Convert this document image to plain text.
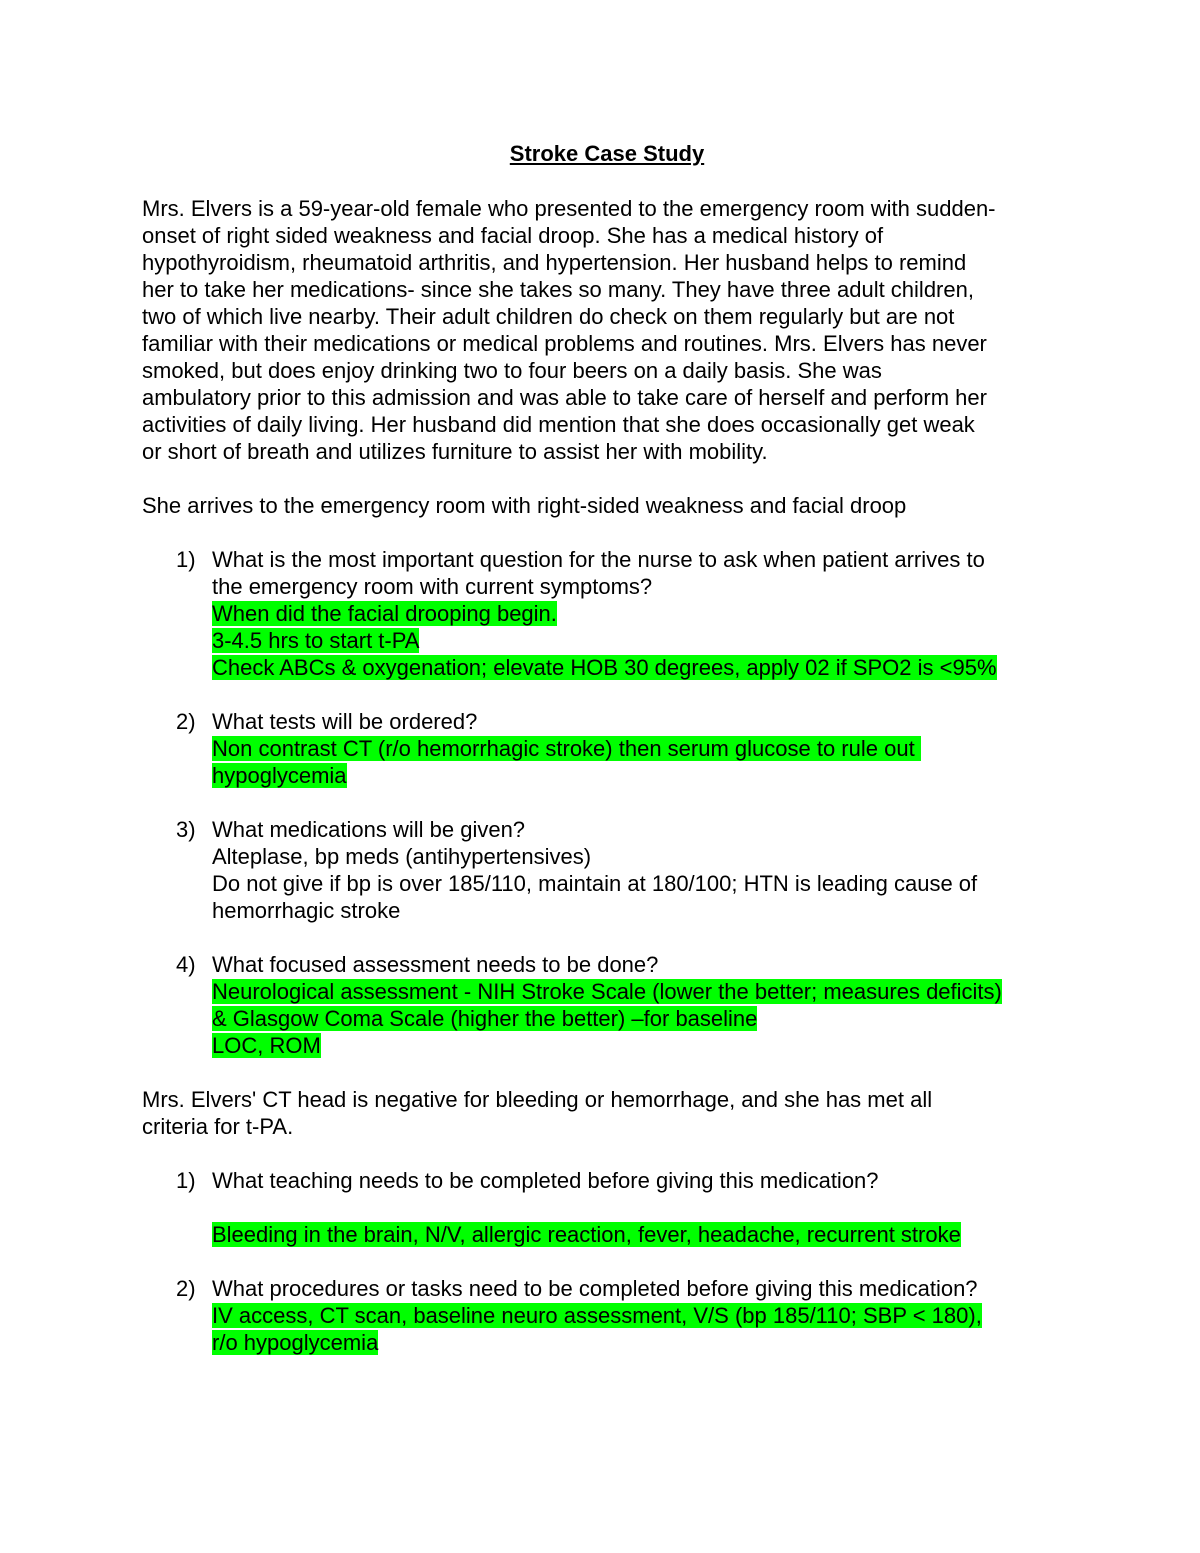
Stroke Case Study

Mrs. Elvers is a 59-year-old female who presented to the emergency room with sudden-

onset of right sided weakness and facial droop. She has a medical history of

hypothyroidism, rheumatoid arthritis, and hypertension. Her husband helps to remind

her to take her medications- since she takes so many. They have three adult children,

two of which live nearby. Their adult children do check on them regularly but are not

familiar with their medications or medical problems and routines. Mrs. Elvers has never

smoked, but does enjoy drinking two to four beers on a daily basis. She was

ambulatory prior to this admission and was able to take care of herself and perform her

activities of daily living. Her husband did mention that she does occasionally get weak

or short of breath and utilizes furniture to assist her with mobility.

She arrives to the emergency room with right-sided weakness and facial droop

1) What is the most important question for the nurse to ask when patient arrives to
the emergency room with current symptoms?
When did the facial drooping begin.
3-4.5 hrs to start t-PA
Check ABCs & oxygenation; elevate HOB 30 degrees, apply 02 if SPO2 is <95%
2) What tests will be ordered?
Non contrast CT (r/o hemorrhagic stroke) then serum glucose to rule out
hypoglycemia
3) What medications will be given?
Alteplase, bp meds (antihypertensives)
Do not give if bp is over 185/110, maintain at 180/100; HTN is leading cause of
hemorrhagic stroke
4) What focused assessment needs to be done?
Neurological assessment - NIH Stroke Scale (lower the better; measures deficits)
& Glasgow Coma Scale (higher the better) –for baseline
LOC, ROM

Mrs. Elvers' CT head is negative for bleeding or hemorrhage, and she has met all

criteria for t-PA.

1) What teaching needs to be completed before giving this medication?

Bleeding in the brain, N/V, allergic reaction, fever, headache, recurrent stroke
2) What procedures or tasks need to be completed before giving this medication?
IV access, CT scan, baseline neuro assessment, V/S (bp 185/110; SBP < 180),
r/o hypoglycemia
